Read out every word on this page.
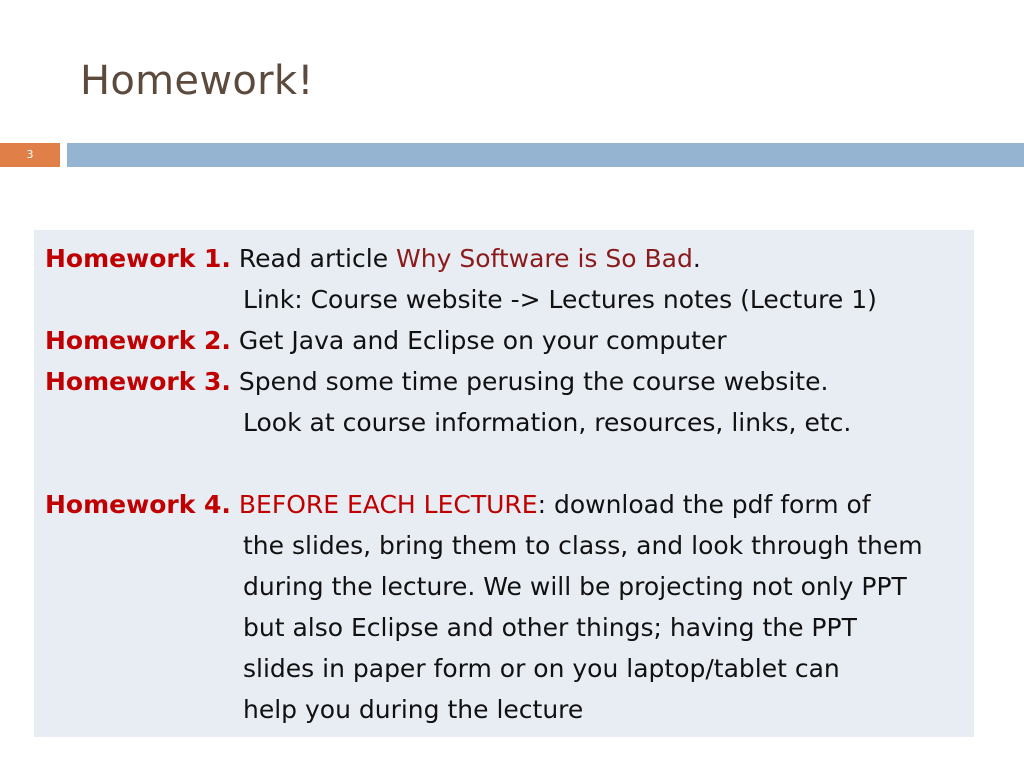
Homework!
3
Homework 1. Read article Why Software is So Bad.
Link: Course website -> Lectures notes (Lecture 1)
Homework 2. Get Java and Eclipse on your computer
Homework 3. Spend some time perusing the course website.
Look at course information, resources, links, etc.
Homework 4. BEFORE EACH LECTURE: download the pdf form of
the slides, bring them to class, and look through them
during the lecture. We will be projecting not only PPT
but also Eclipse and other things; having the PPT
slides in paper form or on you laptop/tablet can
help you during the lecture
